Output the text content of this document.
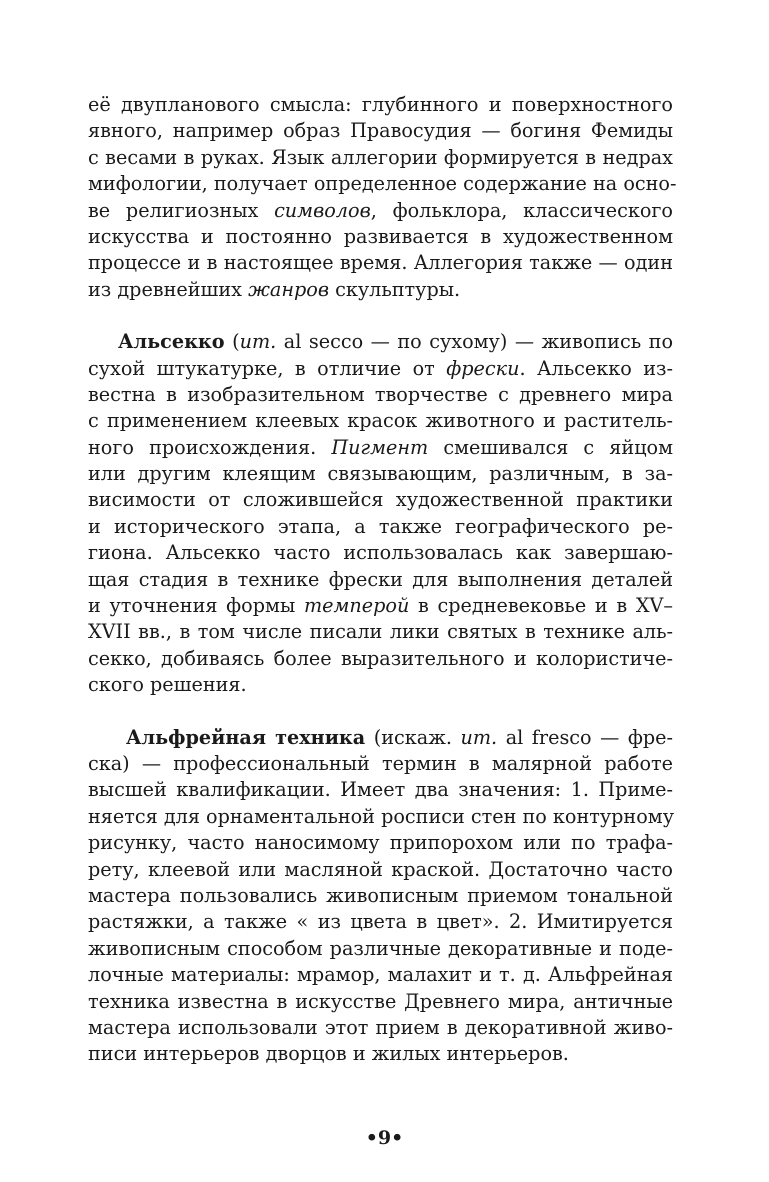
её двупланового смысла: глубинного и поверхностного
явного, например образ Правосудия — богиня Фемиды
с весами в руках. Язык аллегории формируется в недрах
мифологии, получает определенное содержание на осно-
ве религиозных символов, фольклора, классического
искусства и постоянно развивается в художественном
процессе и в настоящее время. Аллегория также — один
из древнейших жанров скульптуры.
Альсекко (ит. al secco — по сухому) — живопись по
сухой штукатурке, в отличие от фрески. Альсекко из-
вестна в изобразительном творчестве с древнего мира
с применением клеевых красок животного и раститель-
ного происхождения. Пигмент смешивался с яйцом
или другим клеящим связывающим, различным, в за-
висимости от сложившейся художественной практики
и исторического этапа, а также географического ре-
гиона. Альсекко часто использовалась как завершаю-
щая стадия в технике фрески для выполнения деталей
и уточнения формы темперой в средневековье и в XV–
XVII вв., в том числе писали лики святых в технике аль-
секко, добиваясь более выразительного и колористиче-
ского решения.
Альфрейная техника (искаж. ит. al fresco — фре-
ска) — профессиональный термин в малярной работе
высшей квалификации. Имеет два значения: 1. Приме-
няется для орнаментальной росписи стен по контурному
рисунку, часто наносимому припорохом или по трафа-
рету, клеевой или масляной краской. Достаточно часто
мастера пользовались живописным приемом тональной
растяжки, а также « из цвета в цвет». 2. Имитируется
живописным способом различные декоративные и поде-
лочные материалы: мрамор, малахит и т. д. Альфрейная
техника известна в искусстве Древнего мира, античные
мастера использовали этот прием в декоративной живо-
писи интерьеров дворцов и жилых интерьеров.
•9•
